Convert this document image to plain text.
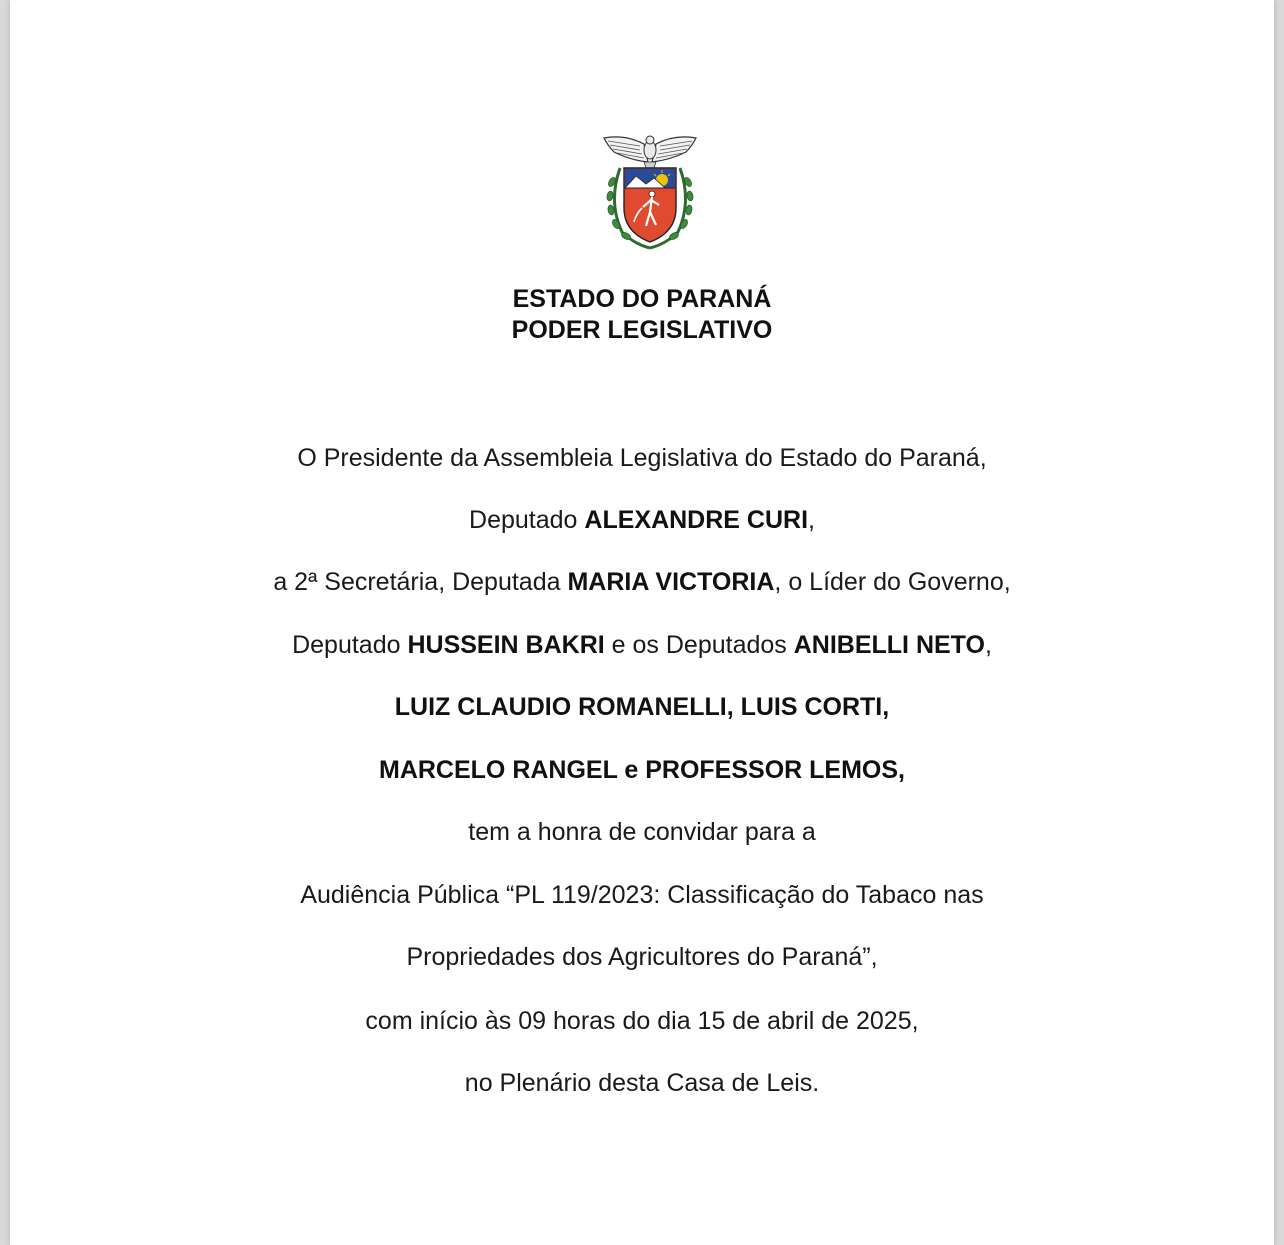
ESTADO DO PARANÁ
PODER LEGISLATIVO
O Presidente da Assembleia Legislativa do Estado do Paraná,
Deputado ALEXANDRE CURI,
a 2ª Secretária, Deputada MARIA VICTORIA, o Líder do Governo,
Deputado HUSSEIN BAKRI e os Deputados ANIBELLI NETO,
LUIZ CLAUDIO ROMANELLI, LUIS CORTI,
MARCELO RANGEL e PROFESSOR LEMOS,
tem a honra de convidar para a
Audiência Pública “PL 119/2023: Classificação do Tabaco nas
Propriedades dos Agricultores do Paraná”,
com início às 09 horas do dia 15 de abril de 2025,
no Plenário desta Casa de Leis.
